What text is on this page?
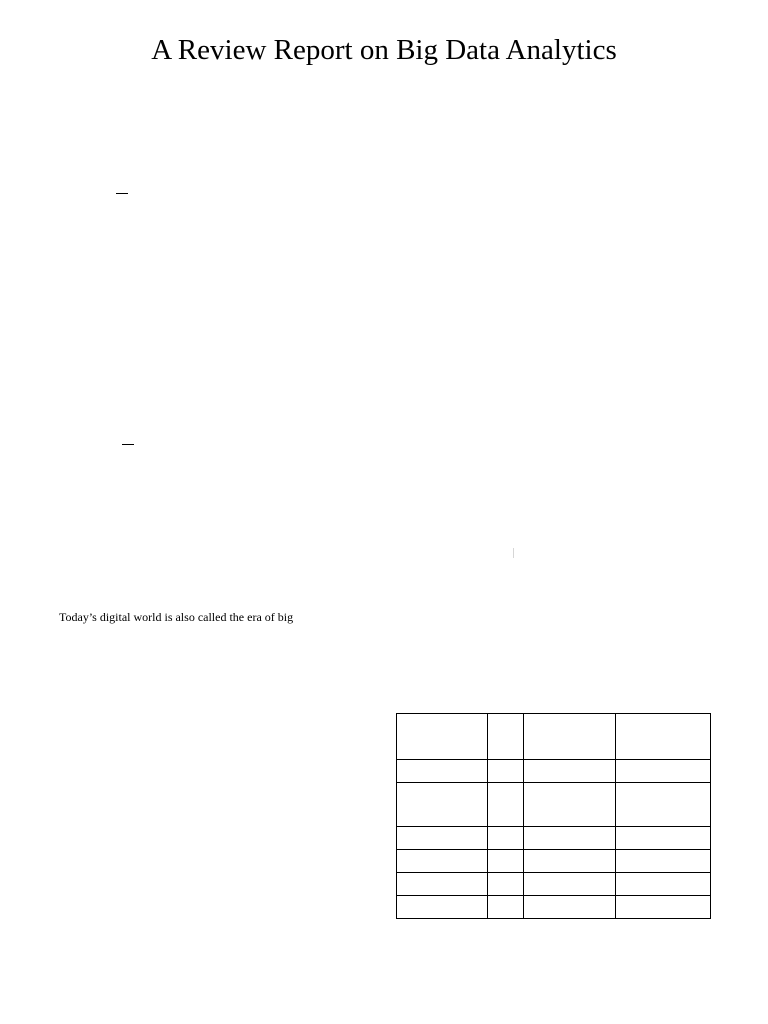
A Review Report on Big Data Analytics
Today’s digital world is also called the era of big
